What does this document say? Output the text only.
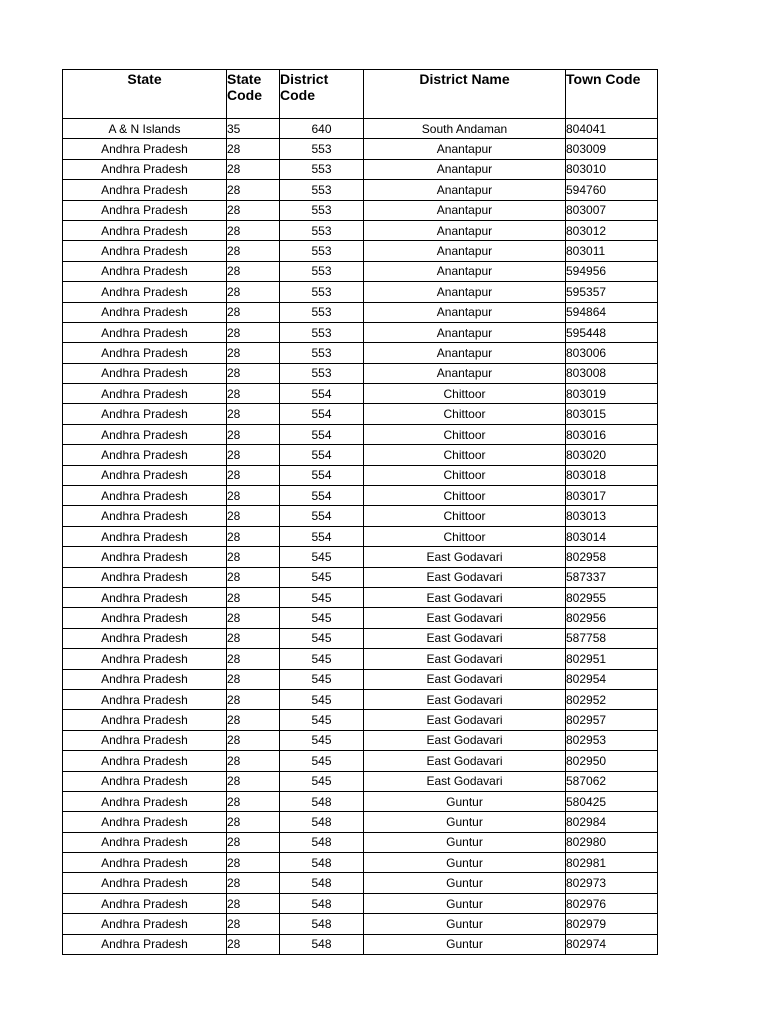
State	State Code	District Code	District Name	Town Code
A & N Islands	35	640	South Andaman	804041
Andhra Pradesh	28	553	Anantapur	803009
Andhra Pradesh	28	553	Anantapur	803010
Andhra Pradesh	28	553	Anantapur	594760
Andhra Pradesh	28	553	Anantapur	803007
Andhra Pradesh	28	553	Anantapur	803012
Andhra Pradesh	28	553	Anantapur	803011
Andhra Pradesh	28	553	Anantapur	594956
Andhra Pradesh	28	553	Anantapur	595357
Andhra Pradesh	28	553	Anantapur	594864
Andhra Pradesh	28	553	Anantapur	595448
Andhra Pradesh	28	553	Anantapur	803006
Andhra Pradesh	28	553	Anantapur	803008
Andhra Pradesh	28	554	Chittoor	803019
Andhra Pradesh	28	554	Chittoor	803015
Andhra Pradesh	28	554	Chittoor	803016
Andhra Pradesh	28	554	Chittoor	803020
Andhra Pradesh	28	554	Chittoor	803018
Andhra Pradesh	28	554	Chittoor	803017
Andhra Pradesh	28	554	Chittoor	803013
Andhra Pradesh	28	554	Chittoor	803014
Andhra Pradesh	28	545	East Godavari	802958
Andhra Pradesh	28	545	East Godavari	587337
Andhra Pradesh	28	545	East Godavari	802955
Andhra Pradesh	28	545	East Godavari	802956
Andhra Pradesh	28	545	East Godavari	587758
Andhra Pradesh	28	545	East Godavari	802951
Andhra Pradesh	28	545	East Godavari	802954
Andhra Pradesh	28	545	East Godavari	802952
Andhra Pradesh	28	545	East Godavari	802957
Andhra Pradesh	28	545	East Godavari	802953
Andhra Pradesh	28	545	East Godavari	802950
Andhra Pradesh	28	545	East Godavari	587062
Andhra Pradesh	28	548	Guntur	580425
Andhra Pradesh	28	548	Guntur	802984
Andhra Pradesh	28	548	Guntur	802980
Andhra Pradesh	28	548	Guntur	802981
Andhra Pradesh	28	548	Guntur	802973
Andhra Pradesh	28	548	Guntur	802976
Andhra Pradesh	28	548	Guntur	802979
Andhra Pradesh	28	548	Guntur	802974
